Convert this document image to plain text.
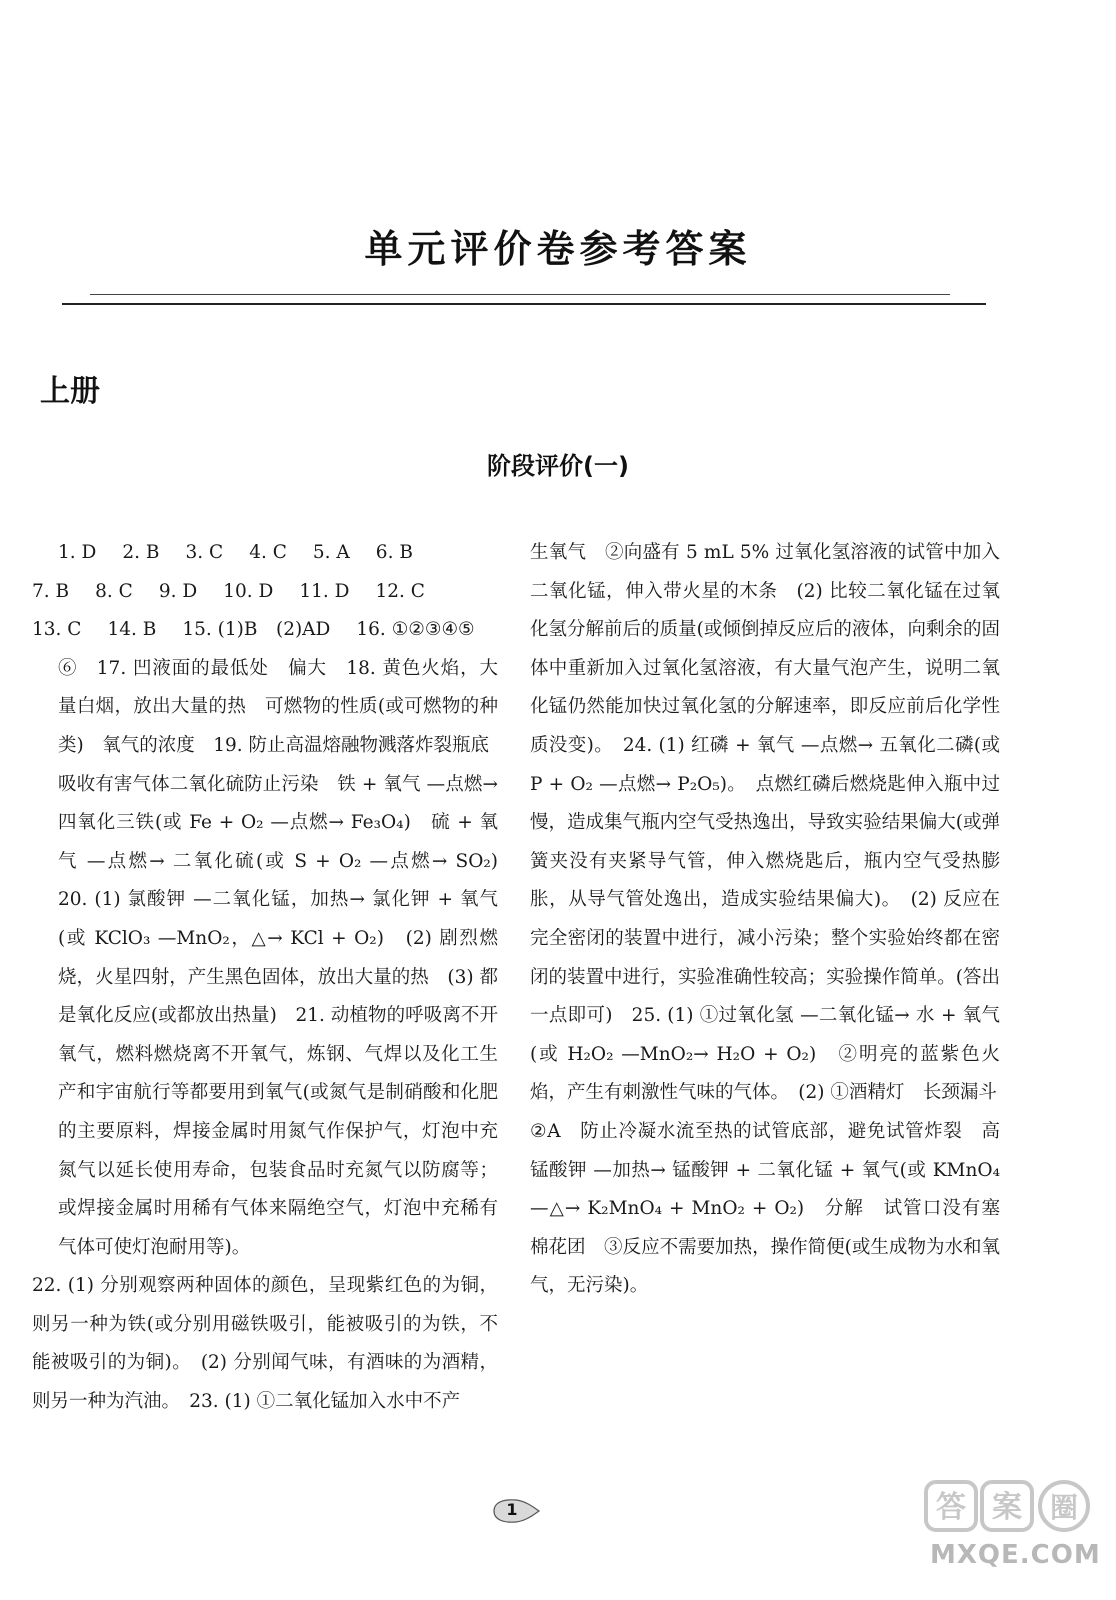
单元评价卷参考答案
上册
阶段评价(一)

1. D 2. B 3. C 4. C 5. A 6. B

7. B 8. C 9. D 10. D 11. D 12. C

13. C 14. B 15. (1)B　(2)AD 16. ①②③④⑤

⑥　17. 凹液面的最低处　偏大　18. 黄色火焰，大量白烟，放出大量的热　可燃物的性质(或可燃物的种类)　氧气的浓度　19. 防止高温熔融物溅落炸裂瓶底

吸收有害气体二氧化硫防止污染　铁 + 氧气 —点燃→ 四氧化三铁(或 Fe + O₂ —点燃→ Fe₃O₄)　硫 + 氧气 —点燃→ 二氧化硫(或 S + O₂ —点燃→ SO₂)　20. (1) 氯酸钾 —二氧化锰，加热→ 氯化钾 + 氧气(或 KClO₃ —MnO₂，△→ KCl + O₂)　(2) 剧烈燃烧，火星四射，产生黑色固体，放出大量的热　(3) 都是氧化反应(或都放出热量)　21. 动植物的呼吸离不开氧气，燃料燃烧离不开氧气，炼钢、气焊以及化工生产和宇宙航行等都要用到氧气(或氮气是制硝酸和化肥的主要原料，焊接金属时用氮气作保护气，灯泡中充氮气以延长使用寿命，包装食品时充氮气以防腐等；或焊接金属时用稀有气体来隔绝空气，灯泡中充稀有气体可使灯泡耐用等)。

22. (1) 分别观察两种固体的颜色，呈现紫红色的为铜，则另一种为铁(或分别用磁铁吸引，能被吸引的为铁，不能被吸引的为铜)。　(2) 分别闻气味，有酒味的为酒精，则另一种为汽油。　23. (1) ①二氧化锰加入水中不产

生氧气　②向盛有 5 mL 5% 过氧化氢溶液的试管中加入二氧化锰，伸入带火星的木条　(2) 比较二氧化锰在过氧化氢分解前后的质量(或倾倒掉反应后的液体，向剩余的固体中重新加入过氧化氢溶液，有大量气泡产生，说明二氧化锰仍然能加快过氧化氢的分解速率，即反应前后化学性质没变)。　24. (1) 红磷 + 氧气 —点燃→ 五氧化二磷(或 P + O₂ —点燃→ P₂O₅)。　点燃红磷后燃烧匙伸入瓶中过慢，造成集气瓶内空气受热逸出，导致实验结果偏大(或弹簧夹没有夹紧导气管，伸入燃烧匙后，瓶内空气受热膨胀，从导气管处逸出，造成实验结果偏大)。　(2) 反应在完全密闭的装置中进行，减小污染；整个实验始终都在密闭的装置中进行，实验准确性较高；实验操作简单。(答出一点即可)　25. (1) ①过氧化氢 —二氧化锰→ 水 + 氧气(或 H₂O₂ —MnO₂→ H₂O + O₂)　②明亮的蓝紫色火焰，产生有刺激性气味的气体。　(2) ①酒精灯　长颈漏斗

②A　防止冷凝水流至热的试管底部，避免试管炸裂　高锰酸钾 —加热→ 锰酸钾 + 二氧化锰 + 氧气(或 KMnO₄ —△→ K₂MnO₄ + MnO₂ + O₂)　分解　试管口没有塞棉花团　③反应不需要加热，操作简便(或生成物为水和氧气，无污染)。

1	答 案 圈
MXQE.COM
